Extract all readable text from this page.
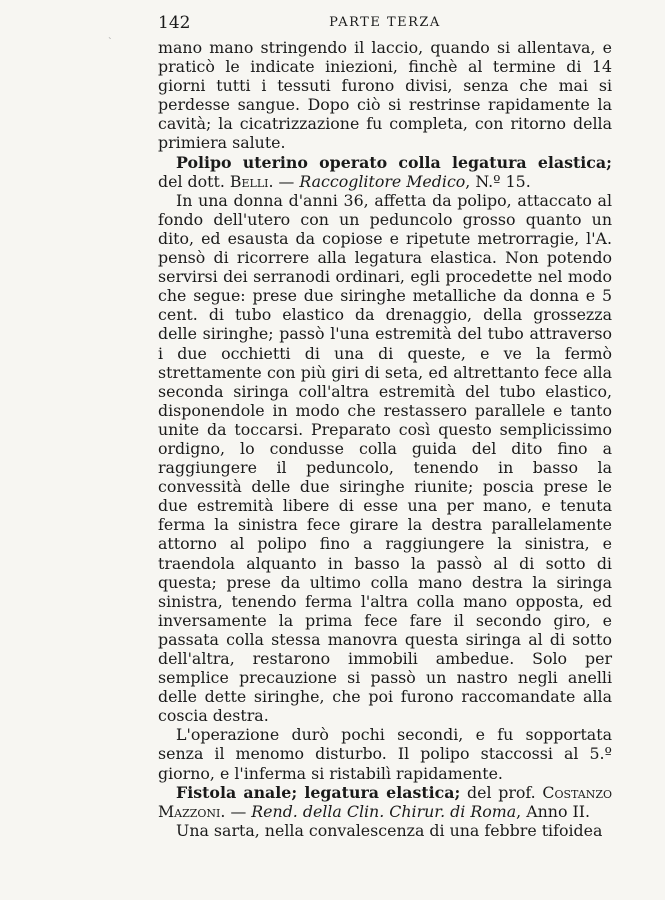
˴
142	PARTE TERZA

mano mano stringendo il laccio, quando si allentava, e praticò le indicate iniezioni, finchè al termine di 14 giorni tutti i tessuti furono divisi, senza che mai si perdesse sangue. Dopo ciò si restrinse rapidamente la cavità; la cicatrizzazione fu completa, con ritorno della primiera salute.

Polipo uterino operato colla legatura elastica; del dott. Belli. — Raccoglitore Medico, N.º 15.

In una donna d'anni 36, affetta da polipo, attaccato al fondo dell'utero con un peduncolo grosso quanto un dito, ed esausta da copiose e ripetute metrorragie, l'A. pensò di ricorrere alla legatura elastica. Non potendo servirsi dei serranodi ordinari, egli procedette nel modo che segue: prese due siringhe metalliche da donna e 5 cent. di tubo elastico da drenaggio, della grossezza delle siringhe; passò l'una estremità del tubo attraverso i due occhietti di una di queste, e ve la fermò strettamente con più giri di seta, ed altrettanto fece alla seconda siringa coll'altra estremità del tubo elastico, disponendole in modo che restassero parallele e tanto unite da toccarsi. Preparato così questo semplicissimo ordigno, lo condusse colla guida del dito fino a raggiungere il peduncolo, tenendo in basso la convessità delle due siringhe riunite; poscia prese le due estremità libere di esse una per mano, e tenuta ferma la sinistra fece girare la destra parallelamente attorno al polipo fino a raggiungere la sinistra, e traendola alquanto in basso la passò al di sotto di questa; prese da ultimo colla mano destra la siringa sinistra, tenendo ferma l'altra colla mano opposta, ed inversamente la prima fece fare il secondo giro, e passata colla stessa manovra questa siringa al di sotto dell'altra, restarono immobili ambedue. Solo per semplice precauzione si passò un nastro negli anelli delle dette siringhe, che poi furono raccomandate alla coscia destra.

L'operazione durò pochi secondi, e fu sopportata senza il menomo disturbo. Il polipo staccossi al 5.º giorno, e l'inferma si ristabilì rapidamente.

Fistola anale; legatura elastica; del prof. Costanzo Mazzoni. — Rend. della Clin. Chirur. di Roma, Anno II.

Una sarta, nella convalescenza di una febbre tifoidea
